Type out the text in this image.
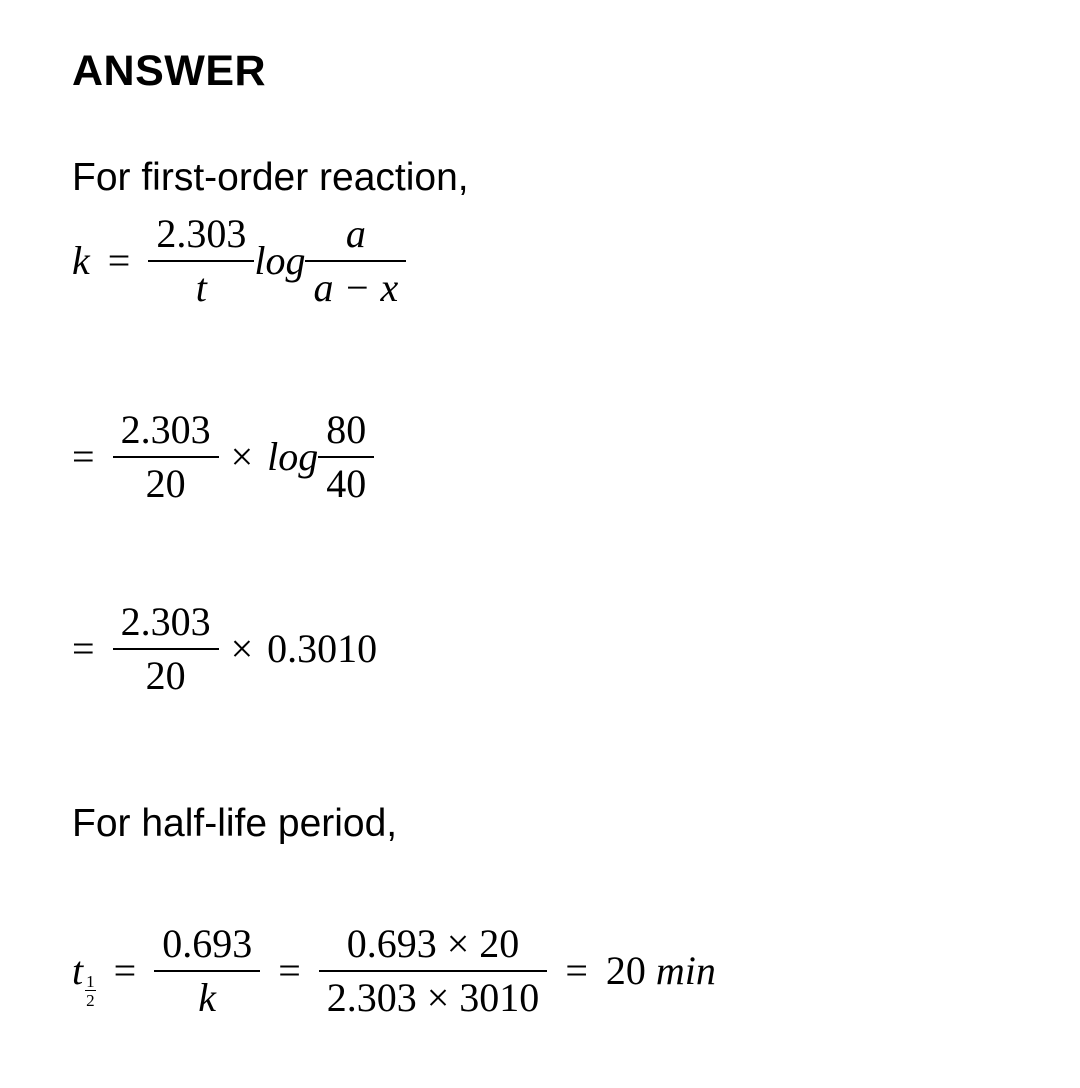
ANSWER
For first-order reaction,
$k = \frac{2.303}{t}$ $\log \frac{a}{a - x}$
= $\frac{2.303}{20} \times \log \frac{80}{40}$
= $\frac{2.303}{20} \times 0.3010$
For half-life period,
t $\frac{1}{2} = \frac{0.693}{k} = \frac{0.693 \times 20}{2.303 \times 3010} = 20$ min
